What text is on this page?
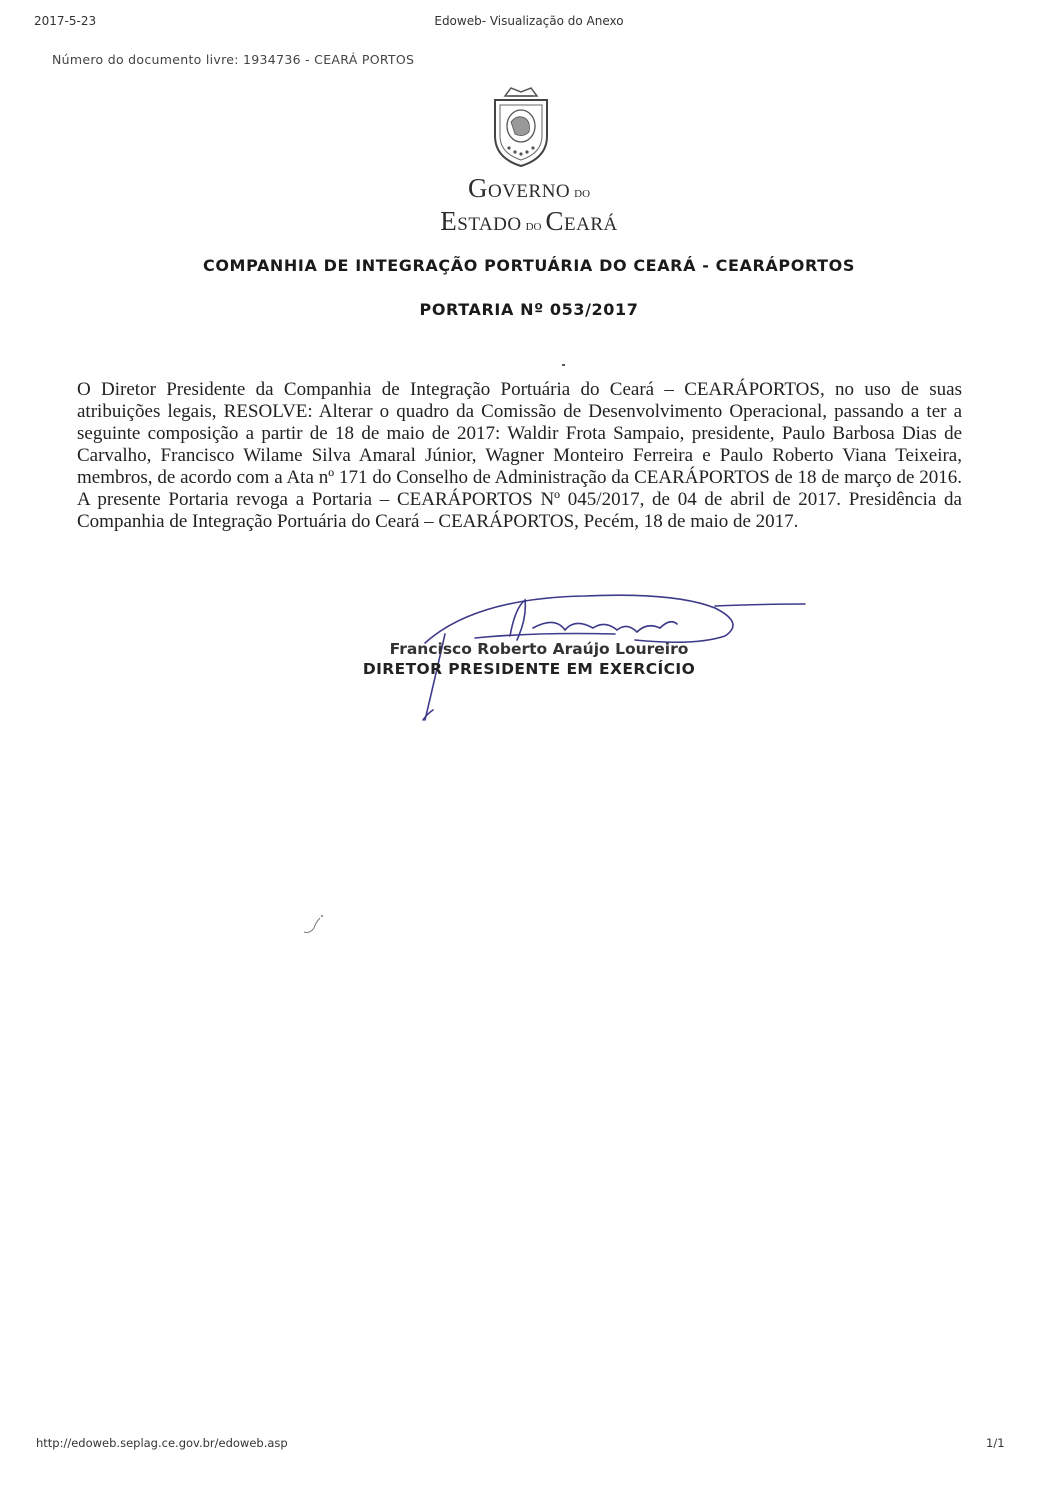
2017-5-23	Edoweb- Visualização do Anexo
Número do documento livre: 1934736 - CEARÁ PORTOS
Governo do
Estado do Ceará
COMPANHIA DE INTEGRAÇÃO PORTUÁRIA DO CEARÁ - CEARÁPORTOS
PORTARIA Nº 053/2017

O Diretor Presidente da Companhia de Integração Portuária do Ceará – CEARÁPORTOS, no uso de suas atribuições legais, RESOLVE: Alterar o quadro da Comissão de Desenvolvimento Operacional, passando a ter a seguinte composição a partir de 18 de maio de 2017: Waldir Frota Sampaio, presidente, Paulo Barbosa Dias de Carvalho, Francisco Wilame Silva Amaral Júnior, Wagner Monteiro Ferreira e Paulo Roberto Viana Teixeira, membros, de acordo com a Ata nº 171 do Conselho de Administração da CEARÁPORTOS de 18 de março de 2016. A presente Portaria revoga a Portaria – CEARÁPORTOS Nº 045/2017, de 04 de abril de 2017. Presidência da Companhia de Integração Portuária do Ceará – CEARÁPORTOS, Pecém, 18 de maio de 2017.

Francisco Roberto Araújo Loureiro
DIRETOR PRESIDENTE EM EXERCÍCIO
http://edoweb.seplag.ce.gov.br/edoweb.asp	1/1
